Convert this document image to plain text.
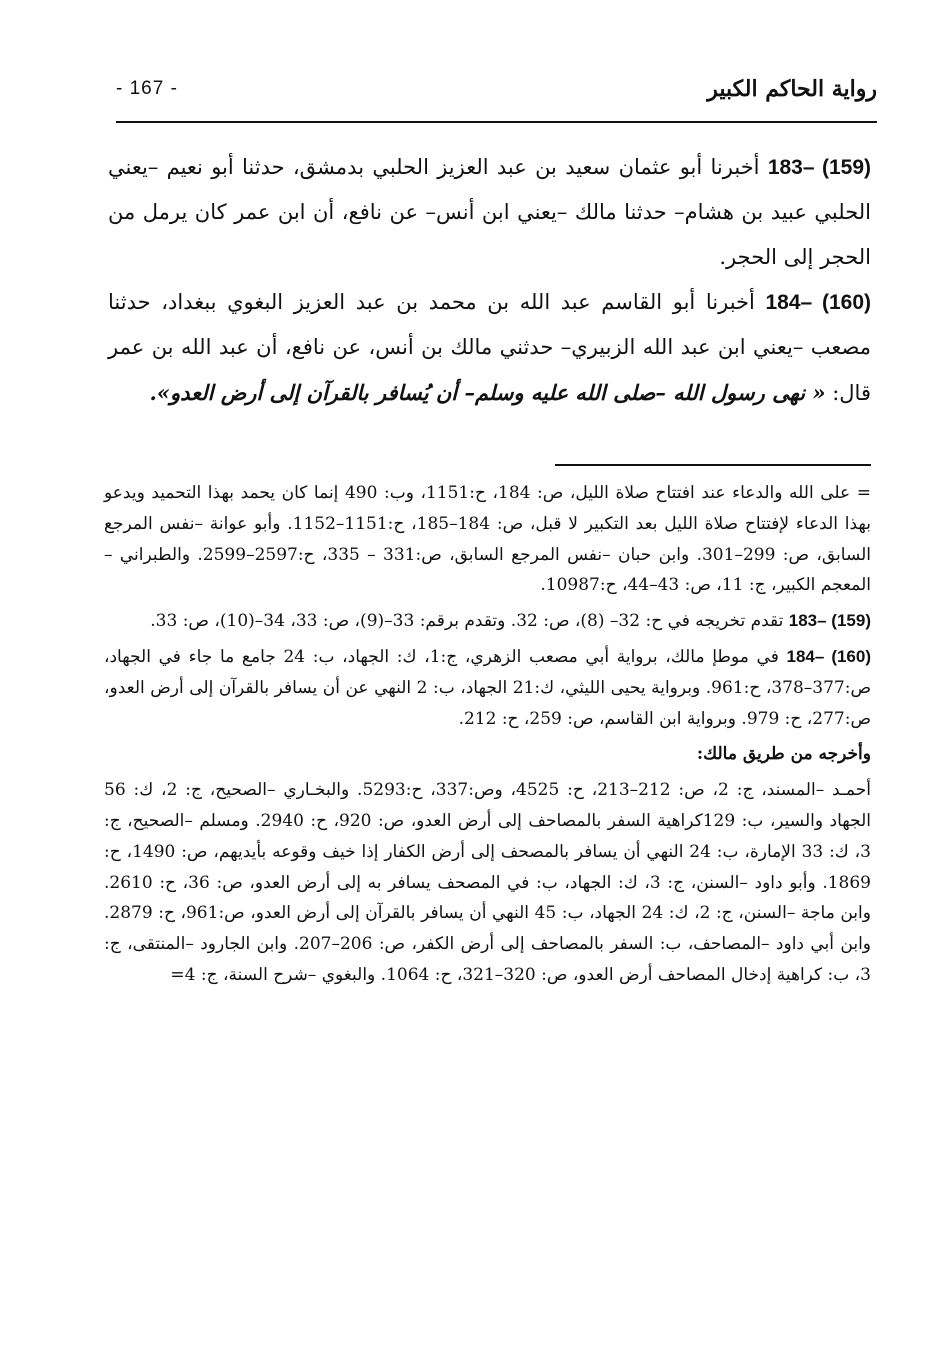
رواية الحاكم الكبير
- 167 -

183– (159) أخبرنا أبو عثمان سعيد بن عبد العزيز الحلبي بدمشق، حدثنا أبو نعيم –يعني الحلبي عبيد بن هشام– حدثنا مالك –يعني ابن أنس– عن نافع، أن ابن عمر كان يرمل من الحجر إلى الحجر.

184– (160) أخبرنا أبو القاسم عبد الله بن محمد بن عبد العزيز البغوي ببغداد، حدثنا مصعب –يعني ابن عبد الله الزبيري– حدثني مالك بن أنس، عن نافع، أن عبد الله بن عمر قال: « نهى رسول الله –صلى الله عليه وسلم– أن يُسافر بالقرآن إلى أرض العدو».

= على الله والدعاء عند افتتاح صلاة الليل، ص: 184، ح:1151، وب: 490 إنما كان يحمد بهذا التحميد ويدعو بهذا الدعاء لإفتتاح صلاة الليل بعد التكبير لا قبل، ص: 184–185، ح:1151–1152. وأبو عوانة –نفس المرجع السابق، ص: 299–301. وابن حبان –نفس المرجع السابق، ص:331 – 335، ح:2597–2599. والطبراني –المعجم الكبير، ج: 11، ص: 43–44، ح:10987.

183– (159) تقدم تخريجه في ح: 32– (8)، ص: 32. وتقدم برقم: 33–(9)، ص: 33، 34–(10)، ص: 33.

184– (160) في موطإ مالك، برواية أبي مصعب الزهري، ج:1، ك: الجهاد، ب: 24 جامع ما جاء في الجهاد، ص:377–378، ح:961. وبرواية يحيى الليثي، ك:21 الجهاد، ب: 2 النهي عن أن يسافر بالقرآن إلى أرض العدو، ص:277، ح: 979. وبرواية ابن القاسم، ص: 259، ح: 212.

وأخرجه من طريق مالك:

أحمـد –المسند، ج: 2، ص: 212–213، ح: 4525، وص:337، ح:5293. والبخـاري –الصحيح، ج: 2، ك: 56 الجهاد والسير، ب: 129كراهية السفر بالمصاحف إلى أرض العدو، ص: 920، ح: 2940. ومسلم –الصحيح، ج: 3، ك: 33 الإمارة، ب: 24 النهي أن يسافر بالمصحف إلى أرض الكفار إذا خيف وقوعه بأيديهم، ص: 1490، ح: 1869. وأبو داود –السنن، ج: 3، ك: الجهاد، ب: في المصحف يسافر به إلى أرض العدو، ص: 36، ح: 2610. وابن ماجة –السنن، ج: 2، ك: 24 الجهاد، ب: 45 النهي أن يسافر بالقرآن إلى أرض العدو، ص:961، ح: 2879. وابن أبي داود –المصاحف، ب: السفر بالمصاحف إلى أرض الكفر، ص: 206–207. وابن الجارود –المنتقى، ج: 3، ب: كراهية إدخال المصاحف أرض العدو، ص: 320–321، ح: 1064. والبغوي –شرح السنة، ج: 4=
